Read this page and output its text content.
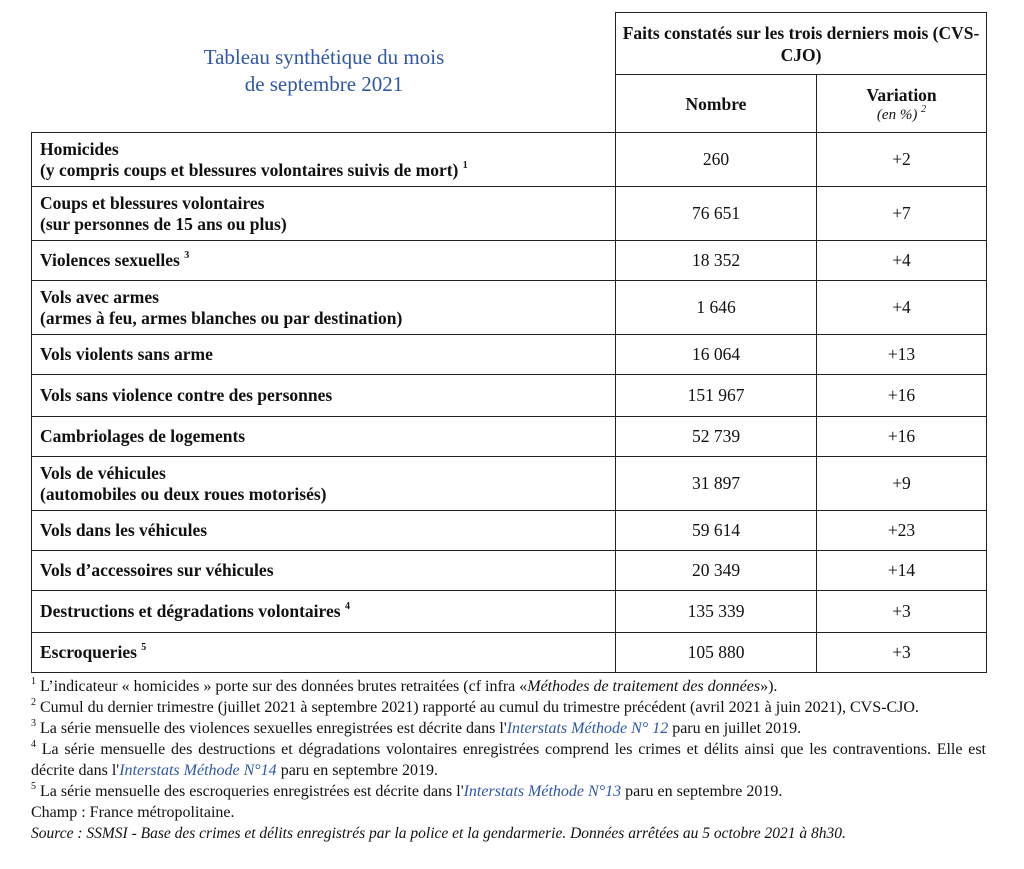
Tableau synthétique du mois
de septembre 2021
	Faits constatés sur les trois derniers mois (CVS-CJO)	
	Nombre	Variation
(en %) $^2$

Homicides
(y compris coups et blessures volontaires suivis de mort) $^1$	260	+2

Coups et blessures volontaires
(sur personnes de 15 ans ou plus)	76 651	+7

Violences sexuelles $^3$	18 352	+4

Vols avec armes
(armes à feu, armes blanches ou par destination)	1 646	+4

Vols violents sans arme	16 064	+13

Vols sans violence contre des personnes	151 967	+16

Cambriolages de logements	52 739	+16

Vols de véhicules
(automobiles ou deux roues motorisés)	31 897	+9

Vols dans les véhicules	59 614	+23

Vols d’accessoires sur véhicules	20 349	+14

Destructions et dégradations volontaires $^4$	135 339	+3

Escroqueries $^5$	105 880	+3

$^1$ L’indicateur « homicides » porte sur des données brutes retraitées (cf infra «Méthodes de traitement des données»).

$^2$ Cumul du dernier trimestre (juillet 2021 à septembre 2021) rapporté au cumul du trimestre précédent (avril 2021 à juin 2021), CVS-CJO.

$^3$ La série mensuelle des violences sexuelles enregistrées est décrite dans l'Interstats Méthode N° 12 paru en juillet 2019.

$^4$ La série mensuelle des destructions et dégradations volontaires enregistrées comprend les crimes et délits ainsi que les contraventions. Elle est décrite dans l'Interstats Méthode N°14 paru en septembre 2019.

$^5$ La série mensuelle des escroqueries enregistrées est décrite dans l'Interstats Méthode N°13 paru en septembre 2019.

Champ : France métropolitaine.

Source : SSMSI - Base des crimes et délits enregistrés par la police et la gendarmerie. Données arrêtées au 5 octobre 2021 à 8h30.
